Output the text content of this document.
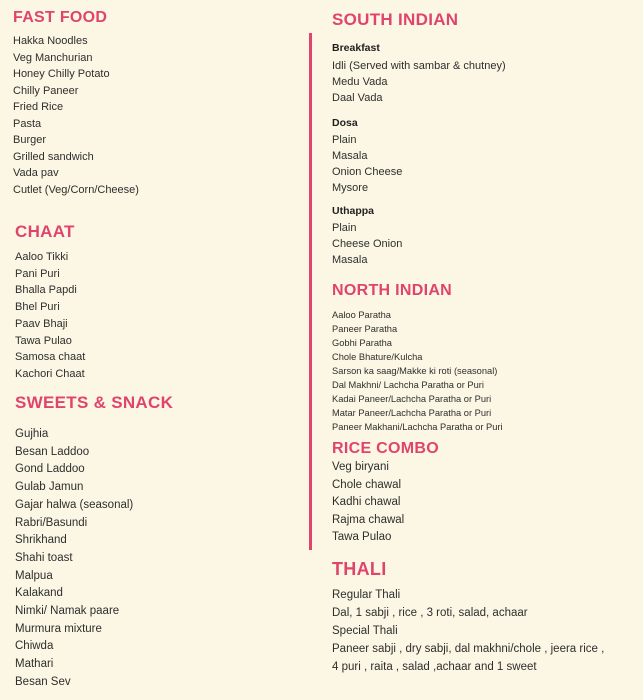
FAST FOOD
Hakka Noodles
Veg Manchurian
Honey Chilly Potato
Chilly Paneer
Fried Rice
Pasta
Burger
Grilled sandwich
Vada pav
Cutlet (Veg/Corn/Cheese)
CHAAT
Aaloo Tikki
Pani Puri
Bhalla Papdi
Bhel Puri
Paav Bhaji
Tawa Pulao
Samosa chaat
Kachori Chaat
SWEETS & SNACK
Gujhia
Besan Laddoo
Gond Laddoo
Gulab Jamun
Gajar halwa (seasonal)
Rabri/Basundi
Shrikhand
Shahi toast
Malpua
Kalakand
Nimki/ Namak paare
Murmura mixture
Chiwda
Mathari
Besan Sev
SOUTH INDIAN
Breakfast
Idli (Served with sambar & chutney)
Medu Vada
Daal Vada
Dosa
Plain
Masala
Onion Cheese
Mysore
Uthappa
Plain
Cheese Onion
Masala
NORTH INDIAN
Aaloo Paratha
Paneer Paratha
Gobhi Paratha
Chole Bhature/Kulcha
Sarson ka saag/Makke ki roti (seasonal)
Dal Makhni/ Lachcha Paratha or Puri
Kadai Paneer/Lachcha Paratha or Puri
Matar Paneer/Lachcha Paratha or Puri
Paneer Makhani/Lachcha Paratha or Puri
RICE COMBO
Veg biryani
Chole chawal
Kadhi chawal
Rajma chawal
Tawa Pulao
THALI
Regular Thali
Dal, 1 sabji , rice , 3 roti, salad, achaar
Special Thali
Paneer sabji , dry sabji, dal makhni/chole , jeera rice ,
4 puri , raita , salad ,achaar and 1 sweet
